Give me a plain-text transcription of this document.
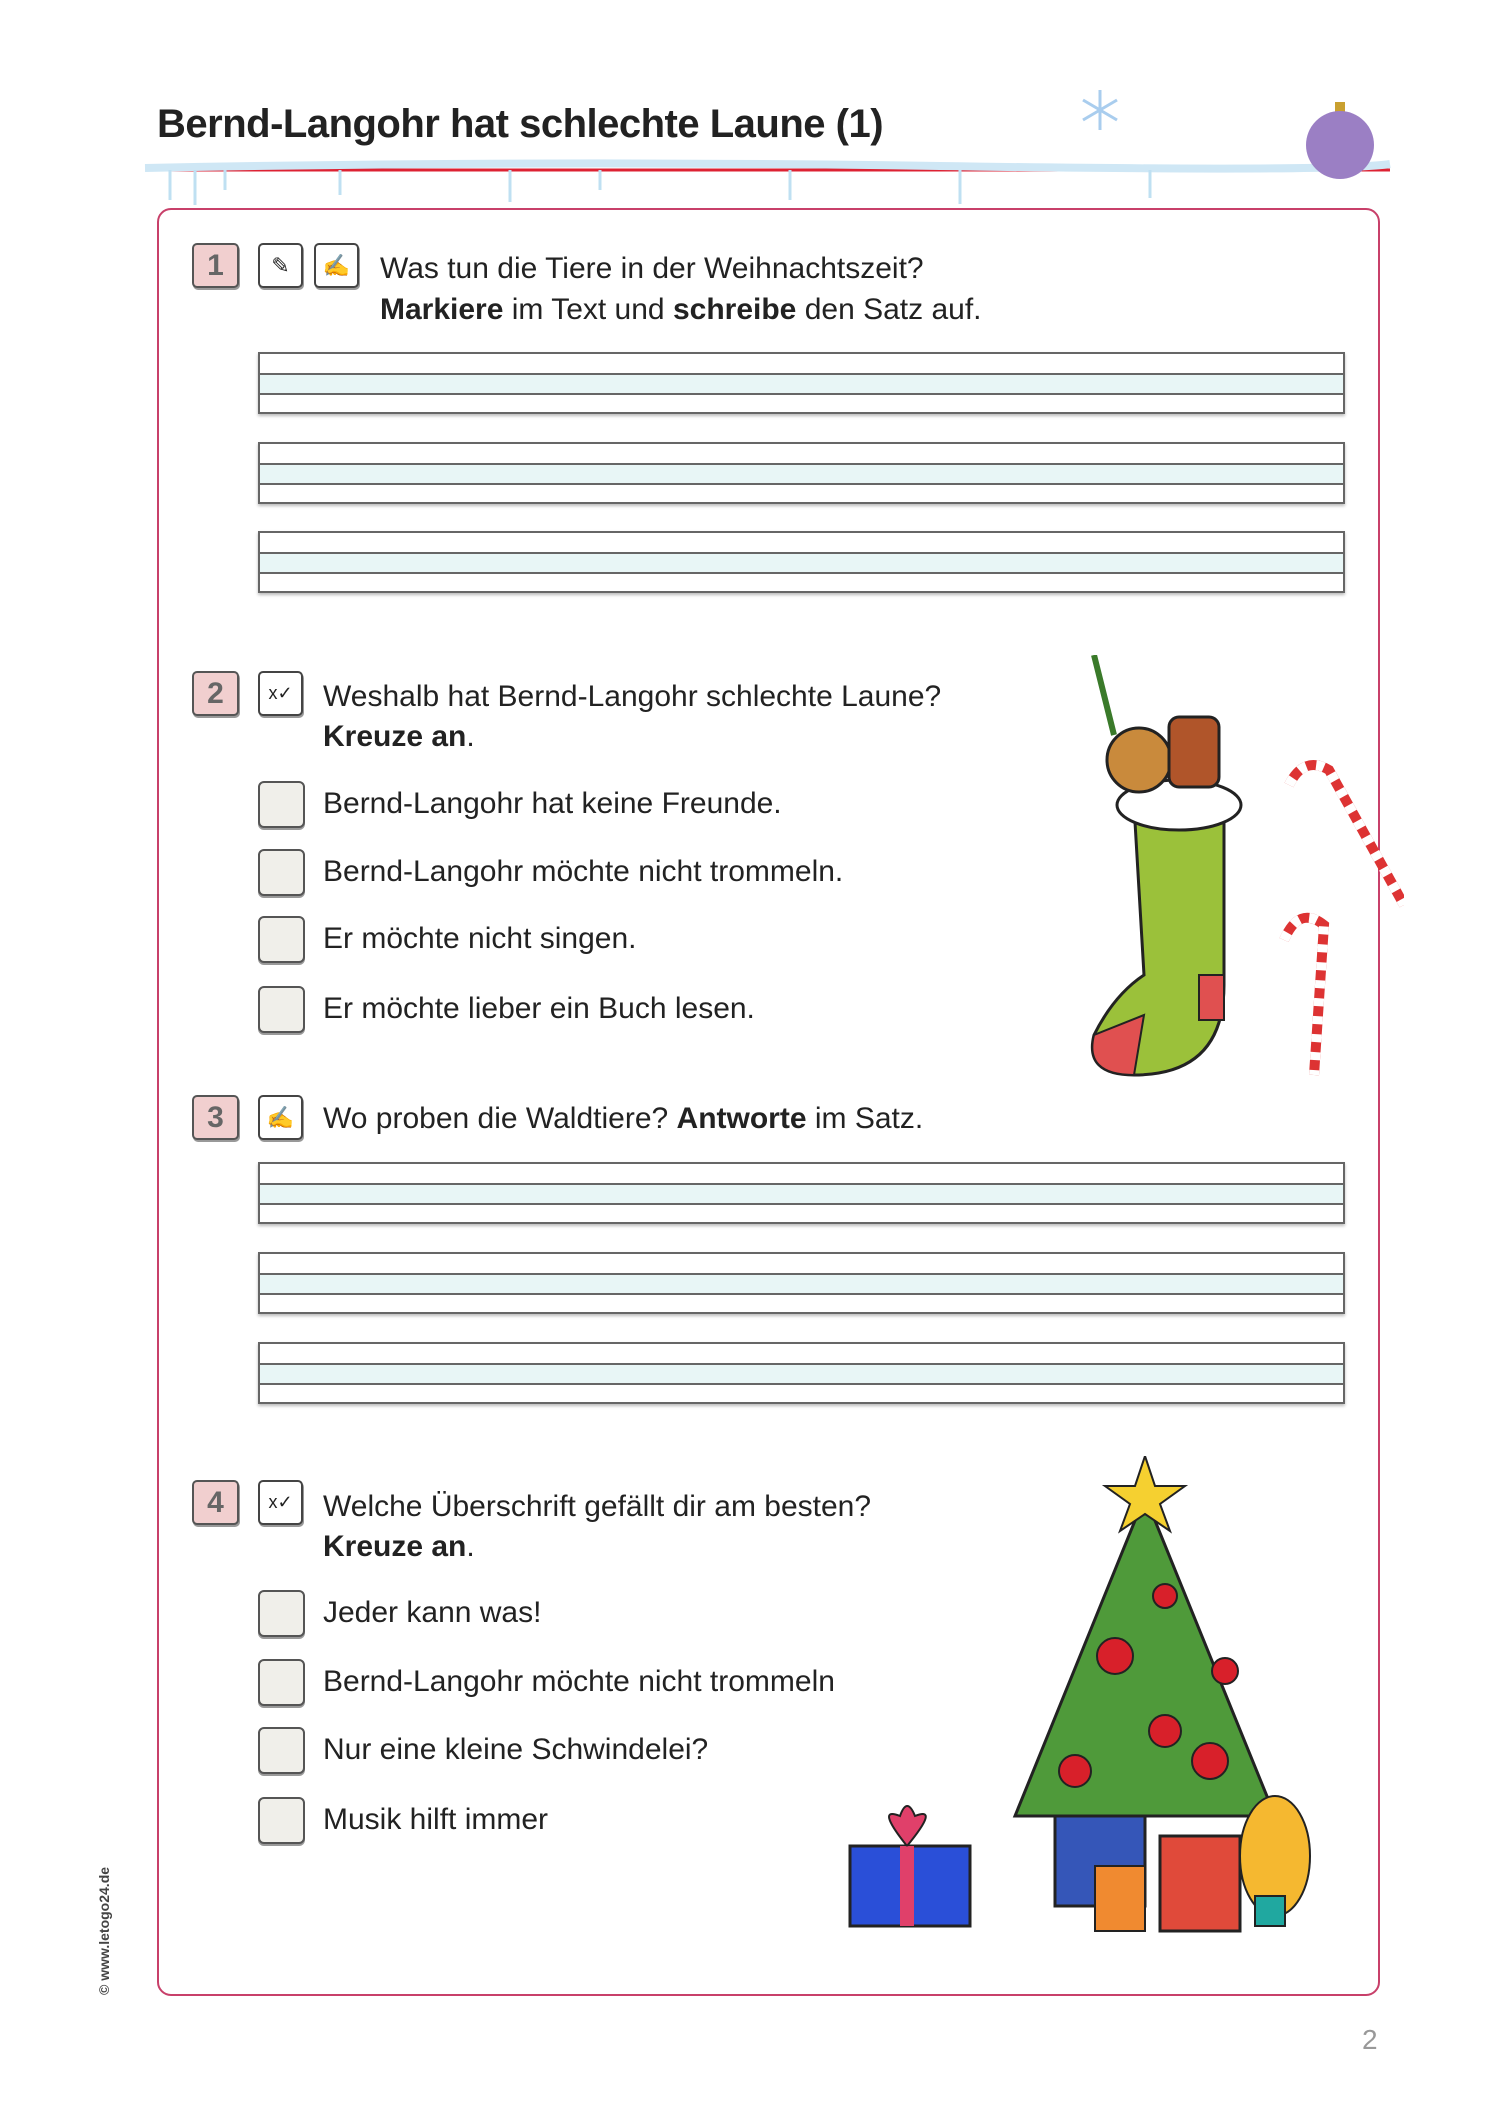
Bernd-Langohr hat schlechte Laune (1)
1	✎	✍ Was tun die Tiere in der Weihnachtszeit?
Markiere im Text und schreibe den Satz auf.
2	x✓	Weshalb hat Bernd-Langohr schlechte Laune?
Kreuze an.
Bernd-Langohr hat keine Freunde.
Bernd-Langohr möchte nicht trommeln.
Er möchte nicht singen.
Er möchte lieber ein Buch lesen.
3	✍ Wo proben die Waldtiere? Antworte im Satz.
4	x✓	Welche Überschrift gefällt dir am besten?
Kreuze an.
Jeder kann was!
Bernd-Langohr möchte nicht trommeln
Nur eine kleine Schwindelei?
Musik hilft immer
© www.letogo24.de
2
